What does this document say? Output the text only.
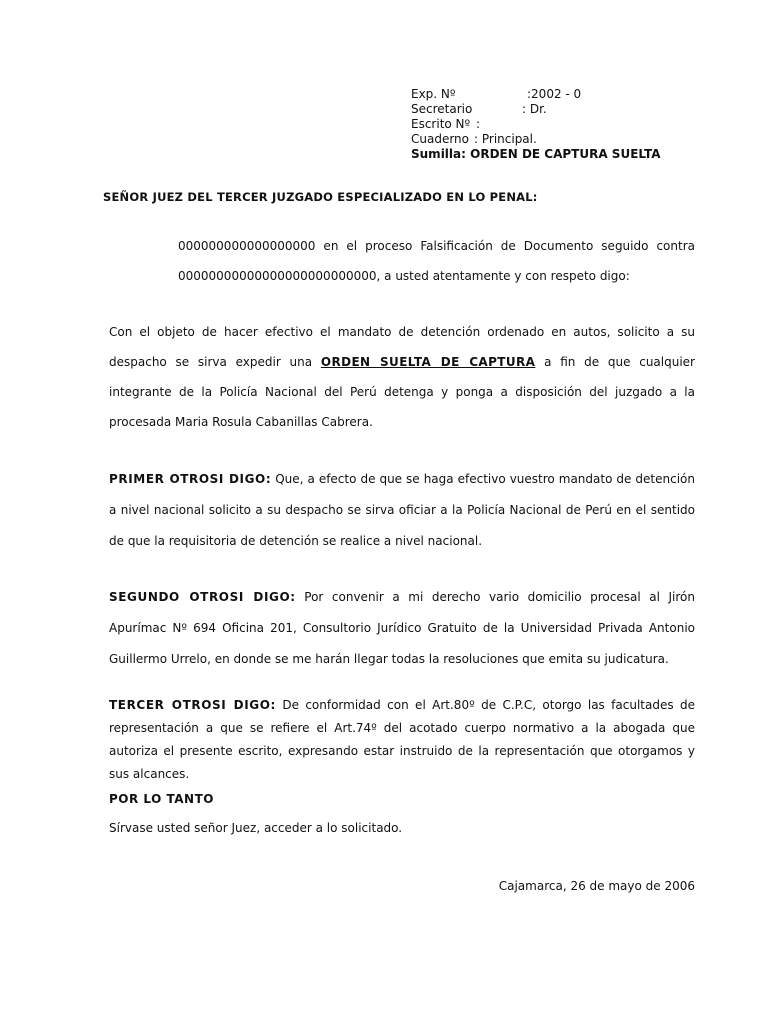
Exp. Nº	:2002 - 0
Secretario	: Dr.
Escrito Nº :
Cuaderno : Principal.
Sumilla: ORDEN DE CAPTURA SUELTA
SEÑOR JUEZ DEL TERCER JUZGADO ESPECIALIZADO EN LO PENAL:
000000000000000000 en el proceso Falsificación de Documento seguido contra 00000000000000000000000000, a usted atentamente y con respeto digo:
Con el objeto de hacer efectivo el mandato de detención ordenado en autos, solicito a su despacho se sirva expedir una ORDEN SUELTA DE CAPTURA a fin de que cualquier integrante de la Policía Nacional del Perú detenga y ponga a disposición del juzgado a la procesada Maria Rosula Cabanillas Cabrera.
PRIMER OTROSI DIGO: Que, a efecto de que se haga efectivo vuestro mandato de detención a nivel nacional solicito a su despacho se sirva oficiar a la Policía Nacional de Perú en el sentido de que la requisitoria de detención se realice a nivel nacional.
SEGUNDO OTROSI DIGO: Por convenir a mi derecho vario domicilio procesal al Jirón Apurímac Nº 694 Oficina 201, Consultorio Jurídico Gratuito de la Universidad Privada Antonio Guillermo Urrelo, en donde se me harán llegar todas la resoluciones que emita su judicatura.
TERCER OTROSI DIGO: De conformidad con el Art.80º de C.P.C, otorgo las facultades de representación a que se refiere el Art.74º del acotado cuerpo normativo a la abogada que autoriza el presente escrito, expresando estar instruido de la representación que otorgamos y sus alcances.
POR LO TANTO
Sírvase usted señor Juez, acceder a lo solicitado.
Cajamarca, 26 de mayo de 2006
